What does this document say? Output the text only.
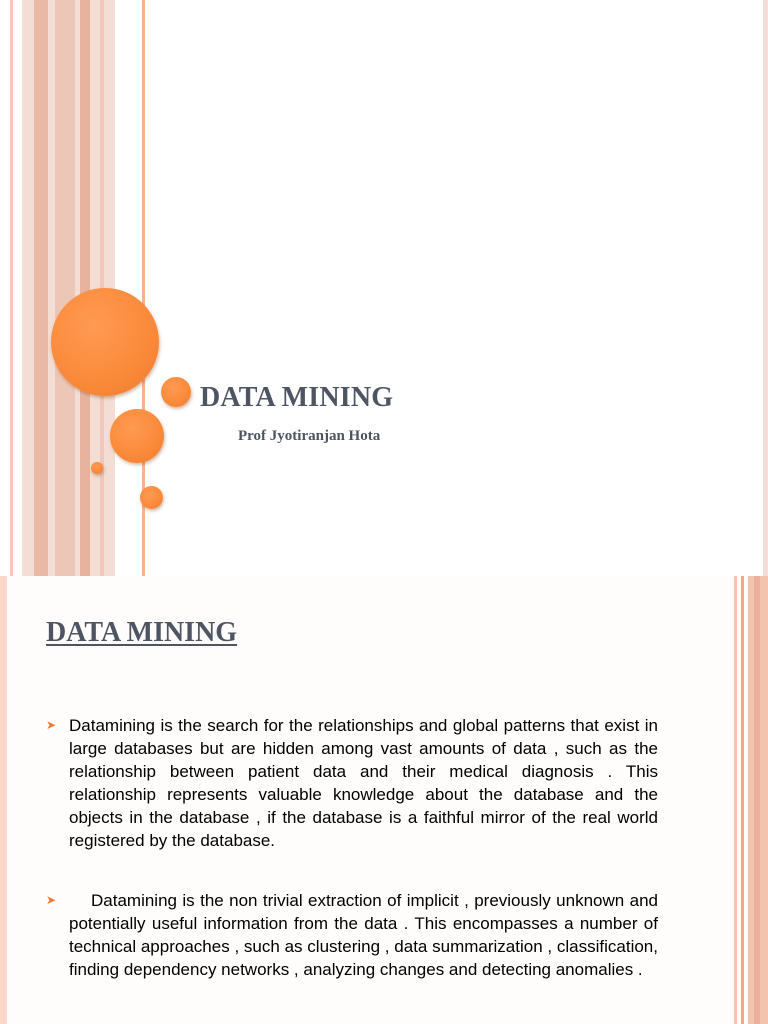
DATA MINING

Prof Jyotiranjan Hota

DATA MINING
➤ Datamining is the search for the relationships and global patterns that exist in large databases but are hidden among vast amounts of data , such as the relationship between patient data and their medical diagnosis . This relationship represents valuable knowledge about the database and the objects in the database , if the database is a faithful mirror of the real world registered by the database.

➤	Datamining is the non trivial extraction of implicit , previously unknown and potentially useful information from the data . This encompasses a number of technical approaches , such as clustering , data summarization , classification, finding dependency networks , analyzing changes and detecting anomalies .
